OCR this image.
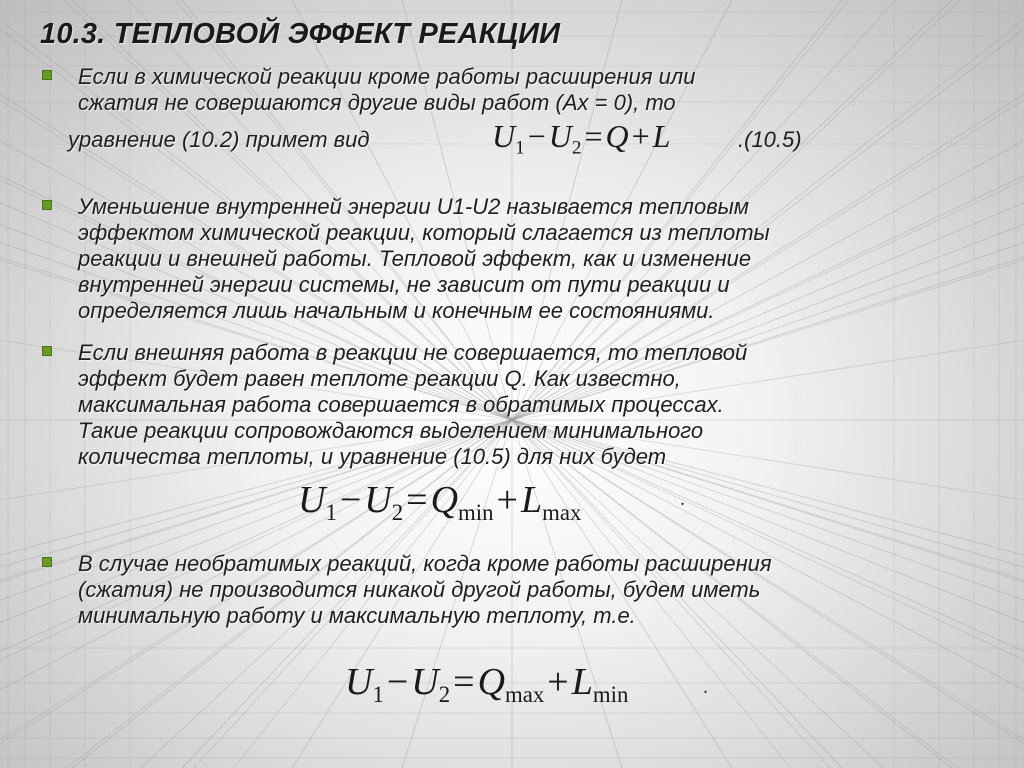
10.3. ТЕПЛОВОЙ ЭФФЕКТ РЕАКЦИИ
Если в химической реакции кроме работы расширения или
сжатия не совершаются другие виды работ (Ах = 0), то
уравнение (10.2) примет вид	$U_1-U_2=Q+L$	.(10.5)
Уменьшение внутренней энергии U1-U2 называется тепловым
эффектом химической реакции, который слагается из теплоты
реакции и внешней работы. Тепловой эффект, как и изменение
внутренней энергии системы, не зависит от пути реакции и
определяется лишь начальным и конечным ее состояниями.
Если внешняя работа в реакции не совершается, то тепловой
эффект будет равен теплоте реакции Q. Как известно,
максимальная работа совершается в обратимых процессах.
Такие реакции сопровождаются выделением минимального
количества теплоты, и уравнение (10.5) для них будет
$U_1-U_2=Q_{min}+L_{max}$
.
В случае необратимых реакций, когда кроме работы расширения
(сжатия) не производится никакой другой работы, будем иметь
минимальную работу и максимальную теплоту, т.е.
$U_1-U_2=Q_{max}+L_{min}$	.
